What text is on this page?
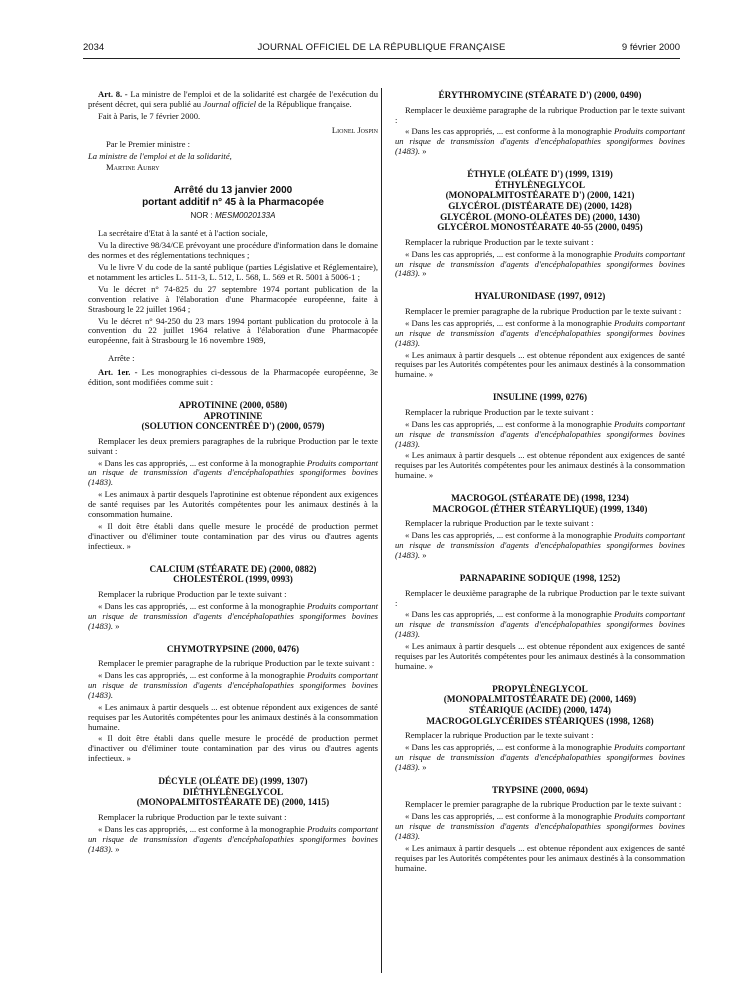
2034	JOURNAL OFFICIEL DE LA RÉPUBLIQUE FRANÇAISE	9 février 2000

Art. 8. - La ministre de l'emploi et de la solidarité est chargée de l'exécution du présent décret, qui sera publié au Journal officiel de la République française.

Fait à Paris, le 7 février 2000.

Lionel Jospin

Par le Premier ministre :

La ministre de l'emploi et de la solidarité,

Martine Aubry

Arrêté du 13 janvier 2000
portant additif n° 45 à la Pharmacopée
NOR : MESM0020133A

La secrétaire d'Etat à la santé et à l'action sociale,

Vu la directive 98/34/CE prévoyant une procédure d'information dans le domaine des normes et des réglementations techniques ;

Vu le livre V du code de la santé publique (parties Législative et Réglementaire), et notamment les articles L. 511-3, L. 512, L. 568, L. 569 et R. 5001 à 5006-1 ;

Vu le décret n° 74-825 du 27 septembre 1974 portant publication de la convention relative à l'élaboration d'une Pharmacopée européenne, faite à Strasbourg le 22 juillet 1964 ;

Vu le décret n° 94-250 du 23 mars 1994 portant publication du protocole à la convention du 22 juillet 1964 relative à l'élaboration d'une Pharmacopée européenne, fait à Strasbourg le 16 novembre 1989,

Arrête :

Art. 1er. - Les monographies ci-dessous de la Pharmacopée européenne, 3e édition, sont modifiées comme suit :

APROTININE (2000, 0580)
APROTININE
(SOLUTION CONCENTRÉE D') (2000, 0579)

Remplacer les deux premiers paragraphes de la rubrique Production par le texte suivant :

« Dans les cas appropriés, ... est conforme à la monographie Produits comportant un risque de transmission d'agents d'encéphalopathies spongiformes bovines (1483).

« Les animaux à partir desquels l'aprotinine est obtenue répondent aux exigences de santé requises par les Autorités compétentes pour les animaux destinés à la consommation humaine.

« Il doit être établi dans quelle mesure le procédé de production permet d'inactiver ou d'éliminer toute contamination par des virus ou d'autres agents infectieux. »

CALCIUM (STÉARATE DE) (2000, 0882)
CHOLESTÉROL (1999, 0993)

Remplacer la rubrique Production par le texte suivant :

« Dans les cas appropriés, ... est conforme à la monographie Produits comportant un risque de transmission d'agents d'encéphalopathies spongiformes bovines (1483). »

CHYMOTRYPSINE (2000, 0476)

Remplacer le premier paragraphe de la rubrique Production par le texte suivant :

« Dans les cas appropriés, ... est conforme à la monographie Produits comportant un risque de transmission d'agents d'encéphalopathies spongiformes bovines (1483).

« Les animaux à partir desquels ... est obtenue répondent aux exigences de santé requises par les Autorités compétentes pour les animaux destinés à la consommation humaine.

« Il doit être établi dans quelle mesure le procédé de production permet d'inactiver ou d'éliminer toute contamination par des virus ou d'autres agents infectieux. »

DÉCYLE (OLÉATE DE) (1999, 1307)
DIÉTHYLÈNEGLYCOL
(MONOPALMITOSTÉARATE DE) (2000, 1415)

Remplacer la rubrique Production par le texte suivant :

« Dans les cas appropriés, ... est conforme à la monographie Produits comportant un risque de transmission d'agents d'encéphalopathies spongiformes bovines (1483). »

ÉRYTHROMYCINE (STÉARATE D') (2000, 0490)

Remplacer le deuxième paragraphe de la rubrique Production par le texte suivant :

« Dans les cas appropriés, ... est conforme à la monographie Produits comportant un risque de transmission d'agents d'encéphalopathies spongiformes bovines (1483). »

ÉTHYLE (OLÉATE D') (1999, 1319)
ÉTHYLÈNEGLYCOL
(MONOPALMITOSTÉARATE D') (2000, 1421)
GLYCÉROL (DISTÉARATE DE) (2000, 1428)
GLYCÉROL (MONO-OLÉATES DE) (2000, 1430)
GLYCÉROL MONOSTÉARATE 40-55 (2000, 0495)

Remplacer la rubrique Production par le texte suivant :

« Dans les cas appropriés, ... est conforme à la monographie Produits comportant un risque de transmission d'agents d'encéphalopathies spongiformes bovines (1483). »

HYALURONIDASE (1997, 0912)

Remplacer le premier paragraphe de la rubrique Production par le texte suivant :

« Dans les cas appropriés, ... est conforme à la monographie Produits comportant un risque de transmission d'agents d'encéphalopathies spongiformes bovines (1483).

« Les animaux à partir desquels ... est obtenue répondent aux exigences de santé requises par les Autorités compétentes pour les animaux destinés à la consommation humaine. »

INSULINE (1999, 0276)

Remplacer la rubrique Production par le texte suivant :

« Dans les cas appropriés, ... est conforme à la monographie Produits comportant un risque de transmission d'agents d'encéphalopathies spongiformes bovines (1483).

« Les animaux à partir desquels ... est obtenue répondent aux exigences de santé requises par les Autorités compétentes pour les animaux destinés à la consommation humaine. »

MACROGOL (STÉARATE DE) (1998, 1234)
MACROGOL (ÉTHER STÉARYLIQUE) (1999, 1340)

Remplacer la rubrique Production par le texte suivant :

« Dans les cas appropriés, ... est conforme à la monographie Produits comportant un risque de transmission d'agents d'encéphalopathies spongiformes bovines (1483). »

PARNAPARINE SODIQUE (1998, 1252)

Remplacer le deuxième paragraphe de la rubrique Production par le texte suivant :

« Dans les cas appropriés, ... est conforme à la monographie Produits comportant un risque de transmission d'agents d'encéphalopathies spongiformes bovines (1483).

« Les animaux à partir desquels ... est obtenue répondent aux exigences de santé requises par les Autorités compétentes pour les animaux destinés à la consommation humaine. »

PROPYLÈNEGLYCOL
(MONOPALMITOSTÉARATE DE) (2000, 1469)
STÉARIQUE (ACIDE) (2000, 1474)
MACROGOLGLYCÉRIDES STÉARIQUES (1998, 1268)

Remplacer la rubrique Production par le texte suivant :

« Dans les cas appropriés, ... est conforme à la monographie Produits comportant un risque de transmission d'agents d'encéphalopathies spongiformes bovines (1483). »

TRYPSINE (2000, 0694)

Remplacer le premier paragraphe de la rubrique Production par le texte suivant :

« Dans les cas appropriés, ... est conforme à la monographie Produits comportant un risque de transmission d'agents d'encéphalopathies spongiformes bovines (1483).

« Les animaux à partir desquels ... est obtenue répondent aux exigences de santé requises par les Autorités compétentes pour les animaux destinés à la consommation humaine.
